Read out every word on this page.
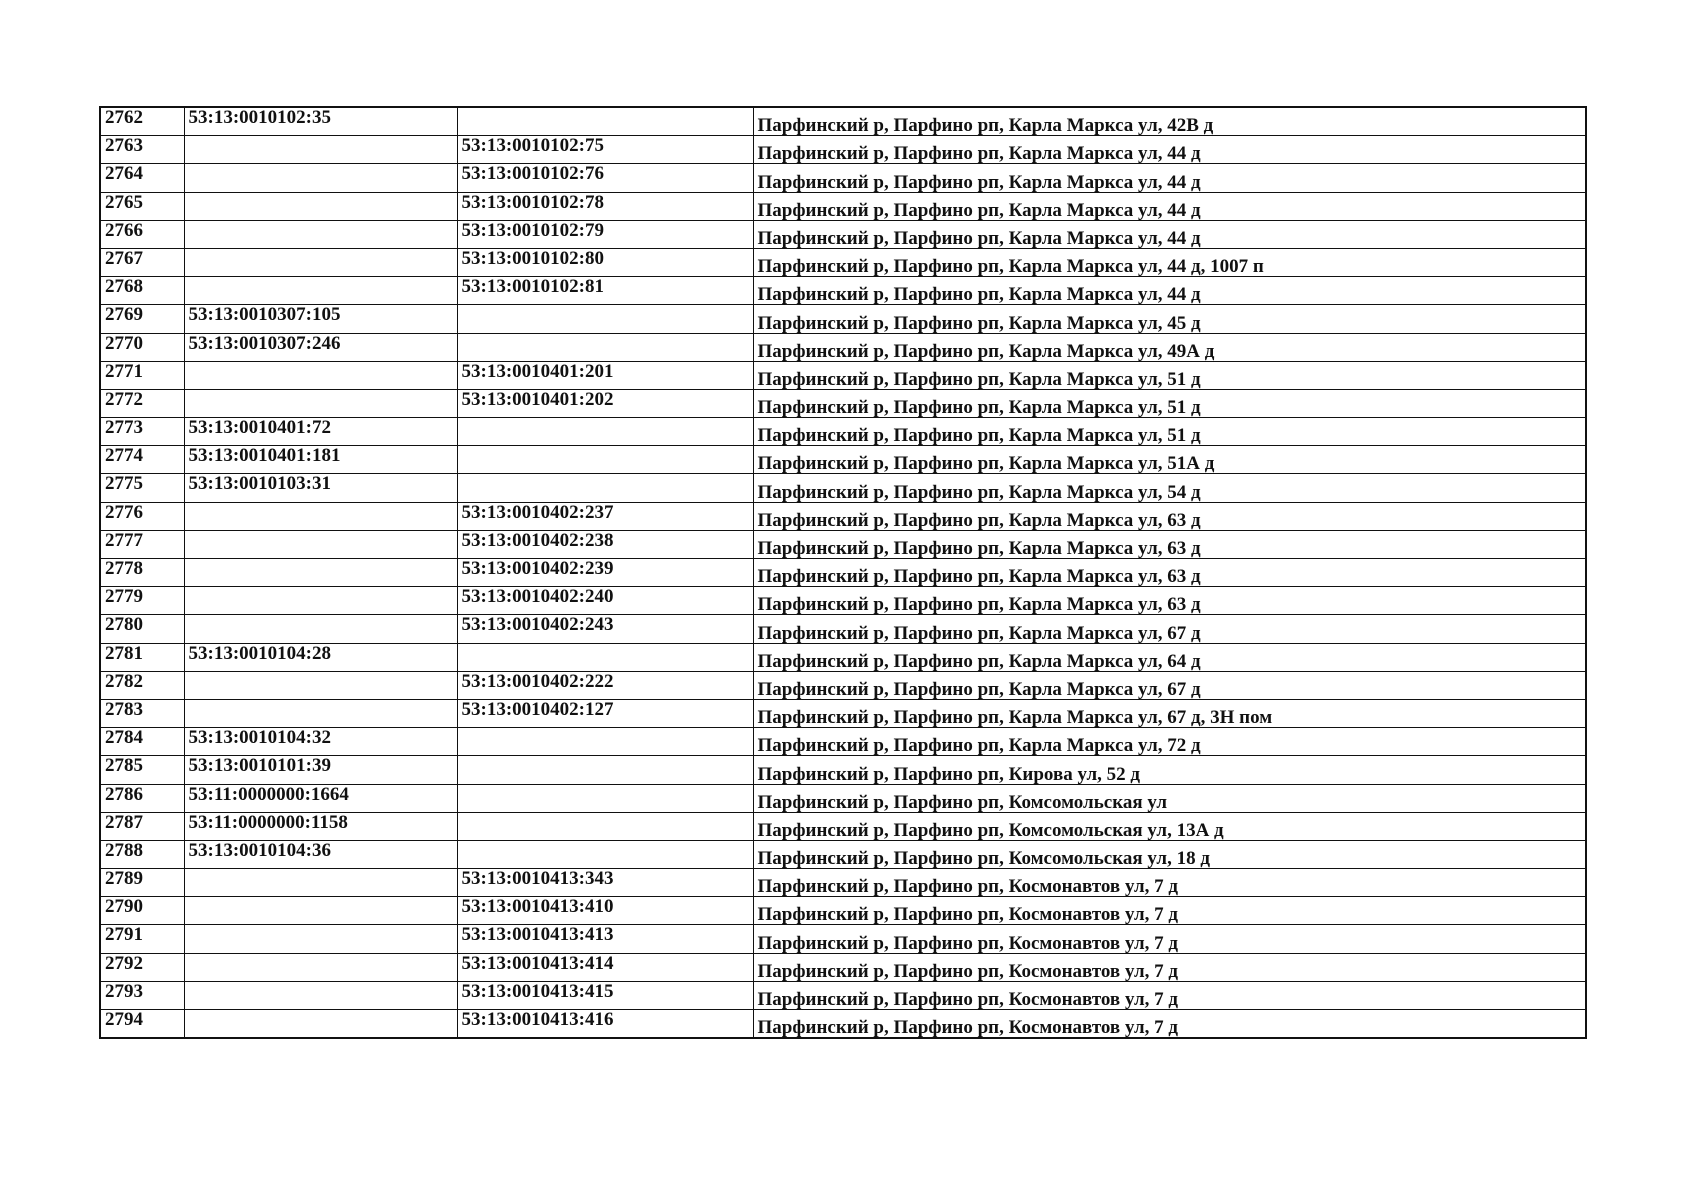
2762	53:13:0010102:35		Парфинский р, Парфино рп, Карла Маркса ул, 42В д
2763		53:13:0010102:75	Парфинский р, Парфино рп, Карла Маркса ул, 44 д
2764		53:13:0010102:76	Парфинский р, Парфино рп, Карла Маркса ул, 44 д
2765		53:13:0010102:78	Парфинский р, Парфино рп, Карла Маркса ул, 44 д
2766		53:13:0010102:79	Парфинский р, Парфино рп, Карла Маркса ул, 44 д
2767		53:13:0010102:80	Парфинский р, Парфино рп, Карла Маркса ул, 44 д, 1007 п
2768		53:13:0010102:81	Парфинский р, Парфино рп, Карла Маркса ул, 44 д
2769	53:13:0010307:105		Парфинский р, Парфино рп, Карла Маркса ул, 45 д
2770	53:13:0010307:246		Парфинский р, Парфино рп, Карла Маркса ул, 49А д
2771		53:13:0010401:201	Парфинский р, Парфино рп, Карла Маркса ул, 51 д
2772		53:13:0010401:202	Парфинский р, Парфино рп, Карла Маркса ул, 51 д
2773	53:13:0010401:72		Парфинский р, Парфино рп, Карла Маркса ул, 51 д
2774	53:13:0010401:181		Парфинский р, Парфино рп, Карла Маркса ул, 51А д
2775	53:13:0010103:31		Парфинский р, Парфино рп, Карла Маркса ул, 54 д
2776		53:13:0010402:237	Парфинский р, Парфино рп, Карла Маркса ул, 63 д
2777		53:13:0010402:238	Парфинский р, Парфино рп, Карла Маркса ул, 63 д
2778		53:13:0010402:239	Парфинский р, Парфино рп, Карла Маркса ул, 63 д
2779		53:13:0010402:240	Парфинский р, Парфино рп, Карла Маркса ул, 63 д
2780		53:13:0010402:243	Парфинский р, Парфино рп, Карла Маркса ул, 67 д
2781	53:13:0010104:28		Парфинский р, Парфино рп, Карла Маркса ул, 64 д
2782		53:13:0010402:222	Парфинский р, Парфино рп, Карла Маркса ул, 67 д
2783		53:13:0010402:127	Парфинский р, Парфино рп, Карла Маркса ул, 67 д, 3Н пом
2784	53:13:0010104:32		Парфинский р, Парфино рп, Карла Маркса ул, 72 д
2785	53:13:0010101:39		Парфинский р, Парфино рп, Кирова ул, 52 д
2786	53:11:0000000:1664		Парфинский р, Парфино рп, Комсомольская ул
2787	53:11:0000000:1158		Парфинский р, Парфино рп, Комсомольская ул, 13А д
2788	53:13:0010104:36		Парфинский р, Парфино рп, Комсомольская ул, 18 д
2789		53:13:0010413:343	Парфинский р, Парфино рп, Космонавтов ул, 7 д
2790		53:13:0010413:410	Парфинский р, Парфино рп, Космонавтов ул, 7 д
2791		53:13:0010413:413	Парфинский р, Парфино рп, Космонавтов ул, 7 д
2792		53:13:0010413:414	Парфинский р, Парфино рп, Космонавтов ул, 7 д
2793		53:13:0010413:415	Парфинский р, Парфино рп, Космонавтов ул, 7 д
2794		53:13:0010413:416	Парфинский р, Парфино рп, Космонавтов ул, 7 д
